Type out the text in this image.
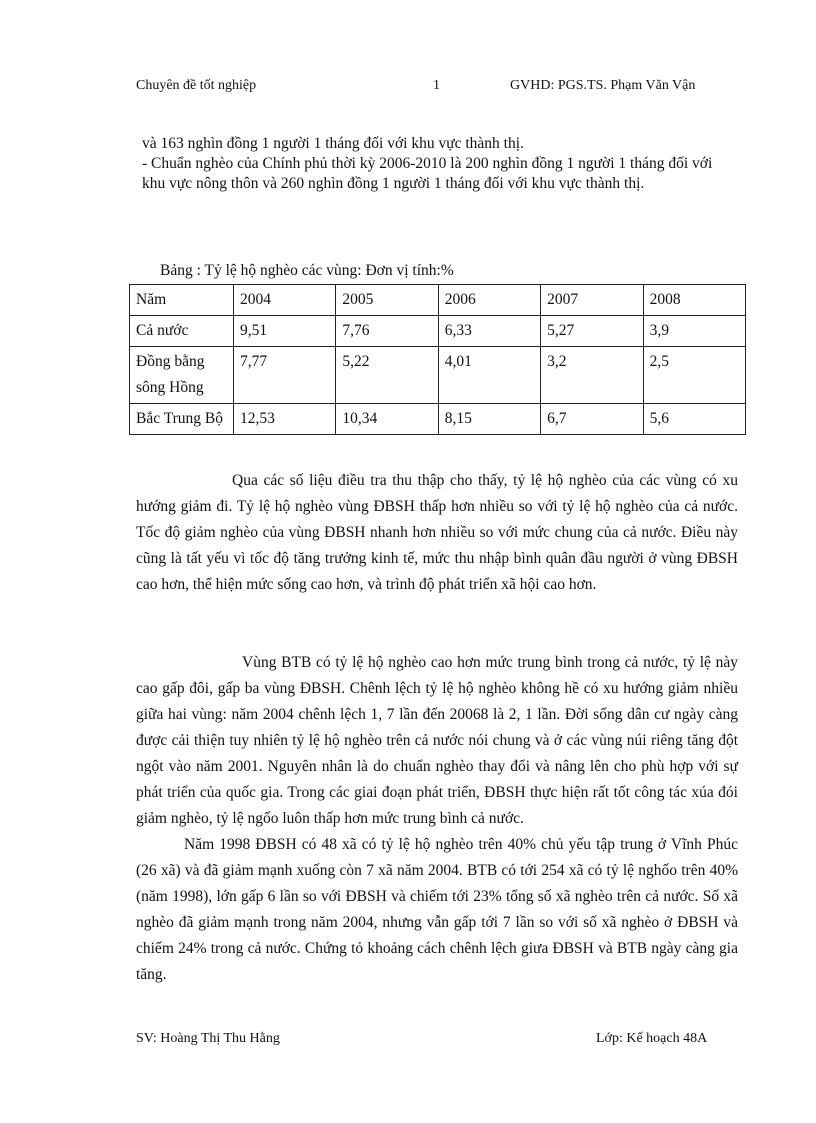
Chuyên đề tốt nghiệp	1	GVHD: PGS.TS. Phạm Văn Vận

và 163 nghìn đồng 1 người 1 tháng đối với khu vực thành thị.

- Chuẩn nghèo của Chính phủ thời kỳ 2006-2010 là 200 nghìn đồng 1 người 1 tháng đối với

khu vực nông thôn và 260 nghìn đồng 1 người 1 tháng đối với khu vực thành thị.

Bảng : Tỷ lệ hộ nghèo các vùng: Đơn vị tính:%
Năm	2004	2005	2006	2007	2008
Cả nước	9,51	7,76	6,33	5,27	3,9
Đồng bằng sông Hồng	7,77	5,22	4,01	3,2	2,5
Bắc Trung Bộ	12,53	10,34	8,15	6,7	5,6

Qua các số liệu điều tra thu thập cho thấy, tỷ lệ hộ nghèo của các vùng có xu hướng giảm đi. Tỷ lệ hộ nghèo vùng ĐBSH thấp hơn nhiều so với tỷ lệ hộ nghèo của cả nước. Tốc độ giảm nghèo của vùng ĐBSH nhanh hơn nhiều so với mức chung của cả nước. Điều này cũng là tất yếu vì tốc độ tăng trưởng kinh tế, mức thu nhập bình quân đầu người ở vùng ĐBSH cao hơn, thể hiện mức sống cao hơn, và trình độ phát triển xã hội cao hơn.

Vùng BTB có tỷ lệ hộ nghèo cao hơn mức trung bình trong cả nước, tỷ lệ này cao gấp đôi, gấp ba vùng ĐBSH. Chênh lệch tỷ lệ hộ nghèo không hề có xu hướng giảm nhiều giữa hai vùng: năm 2004 chênh lệch 1, 7 lần đến 20068 là 2, 1 lần. Đời sống dân cư ngày càng được cải thiện tuy nhiên tỷ lệ hộ nghèo trên cả nước nói chung và ở các vùng núi riêng tăng đột ngột vào năm 2001. Nguyên nhân là do chuẩn nghèo thay đổi và nâng lên cho phù hợp với sự phát triển của quốc gia. Trong các giai đoạn phát triển, ĐBSH thực hiện rất tốt công tác xúa đói giảm nghèo, tỷ lệ ngốo luôn thấp hơn mức trung bình cả nước.

Năm 1998 ĐBSH có 48 xã có tỷ lệ hộ nghèo trên 40% chủ yếu tập trung ở Vĩnh Phúc (26 xã) và đã giảm mạnh xuống còn 7 xã năm 2004. BTB có tới 254 xã có tỷ lệ nghốo trên 40% (năm 1998), lớn gấp 6 lần so với ĐBSH và chiếm tới 23% tổng số xã nghèo trên cả nước. Số xã nghèo đã giảm mạnh trong năm 2004, nhưng vẫn gấp tới 7 lần so với số xã nghèo ở ĐBSH và chiếm 24% trong cả nước. Chứng tỏ khoảng cách chênh lệch giưa ĐBSH và BTB ngày càng gia tăng.

SV: Hoàng Thị Thu Hằng	Lớp: Kế hoạch 48A
